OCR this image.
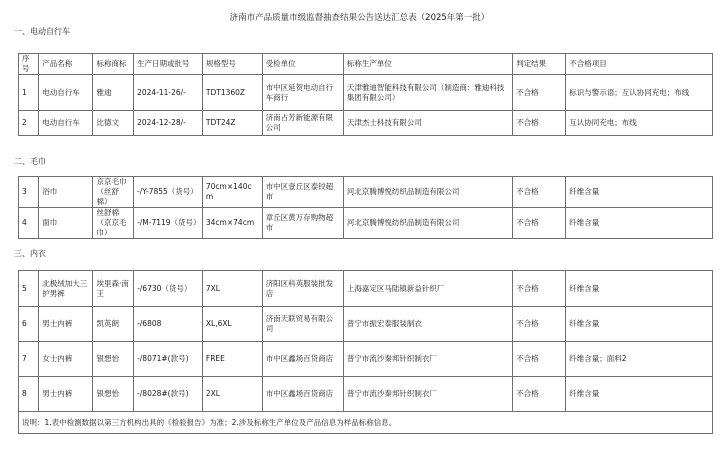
济南市产品质量市级监督抽查结果公告送达汇总表（2025年第一批）
一、电动自行车
序号	产品名称	标称商标	生产日期或批号	规格型号	受检单位	标称生产单位	判定结果	不合格项目
1	电动自行车	雅迪	2024-11-26/-	TDT1360Z	市中区延贺电动自行车商行	天津雅迪智能科技有限公司（制造商：雅迪科技集团有限公司）	不合格	标识与警示语；互认协同充电；布线
2	电动自行车	比德文	2024-12-28/-	TDT24Z	济南占芳新能源有限公司	天津杰士科技有限公司	不合格	互认协同充电；布线
二、毛巾
3	浴巾	京京毛巾（丝舒棉）	-/Y-7855（货号）	70cm×140cm	市中区壹丘区泰铰超市	河北京腾博悦纺织品制造有限公司	不合格	纤维含量
4	面巾	丝舒棉（京京毛巾）	-/M-7119（货号）	34cm×74cm	章丘区黄万存购物超市	河北京腾博悦纺织品制造有限公司	不合格	纤维含量
三、内衣
5	北极绒加大三护男裤	埃里森·南王	-/6730（货号）	7XL	济阳区科英服装批发店	上海嘉定区马陆镇新益针织厂	不合格	纤维含量
6	男士内裤	凯英朗	-/6808	XL,6XL	济南天联贸易有限公司	普宁市振宏泰服装制衣	不合格	纤维含量
7	女士内裤	银想怡	-/8071#(款号)	FREE	市中区鑫场百货商店	普宁市流沙秦邦针织制衣厂	不合格	纤维含量；面料2
8	男士内裤	银想怡	-/8028#(款号)	2XL	市中区鑫场百货商店	普宁市流沙秦邦针织制衣厂	不合格	纤维含量
说明：1.表中检测数据以第三方机构出具的《检验报告》为准；2.涉及标称生产单位及产品信息为样品标称信息。								
